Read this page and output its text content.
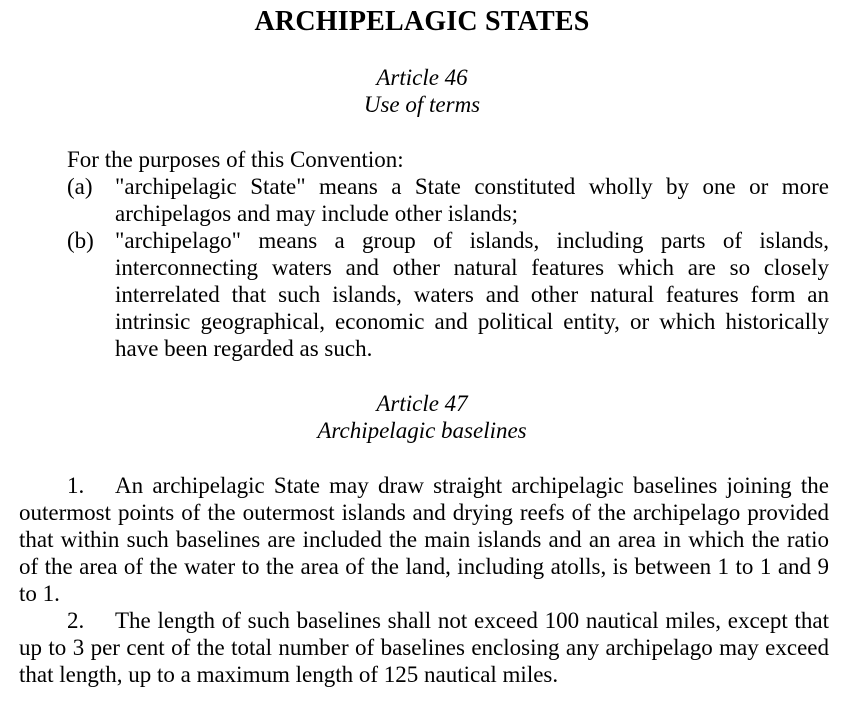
ARCHIPELAGIC STATES
Article 46
Use of terms
For the purposes of this Convention:
(a) "archipelagic State" means a State constituted wholly by one or more archipelagos and may include other islands;
(b) "archipelago" means a group of islands, including parts of islands, interconnecting waters and other natural features which are so closely interrelated that such islands, waters and other natural features form an intrinsic geographical, economic and political entity, or which historically have been regarded as such.
Article 47
Archipelagic baselines
1. An archipelagic State may draw straight archipelagic baselines joining the outermost points of the outermost islands and drying reefs of the archipelago provided that within such baselines are included the main islands and an area in which the ratio of the area of the water to the area of the land, including atolls, is between 1 to 1 and 9 to 1.
2. The length of such baselines shall not exceed 100 nautical miles, except that up to 3 per cent of the total number of baselines enclosing any archipelago may exceed that length, up to a maximum length of 125 nautical miles.
